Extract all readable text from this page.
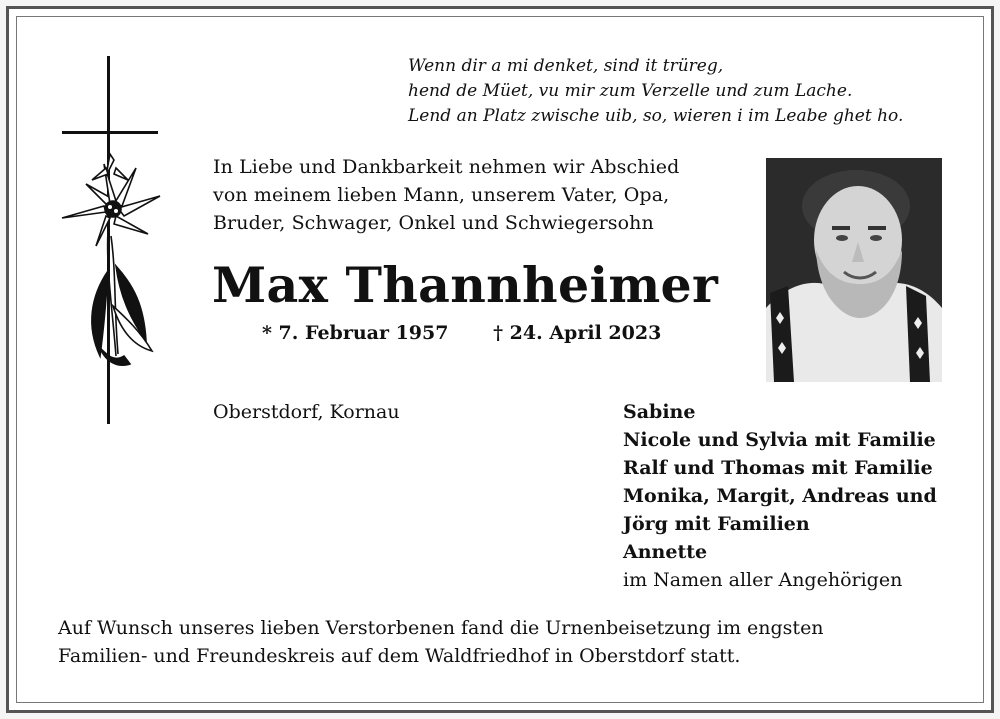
Wenn dir a mi denket, sind it trüreg,
hend de Müet, vu mir zum Verzelle und zum Lache.
Lend an Platz zwische uib, so, wieren i im Leabe ghet ho.
In Liebe und Dankbarkeit nehmen wir Abschied
von meinem lieben Mann, unserem Vater, Opa,
Bruder, Schwager, Onkel und Schwiegersohn
Max Thannheimer
* 7. Februar 1957 † 24. April 2023
Oberstdorf, Kornau	Sabine
Nicole und Sylvia mit Familie
Ralf und Thomas mit Familie
Monika, Margit, Andreas und
Jörg mit Familien
Annette
im Namen aller Angehörigen
Auf Wunsch unseres lieben Verstorbenen fand die Urnenbeisetzung im engsten
Familien- und Freundeskreis auf dem Waldfriedhof in Oberstdorf statt.
